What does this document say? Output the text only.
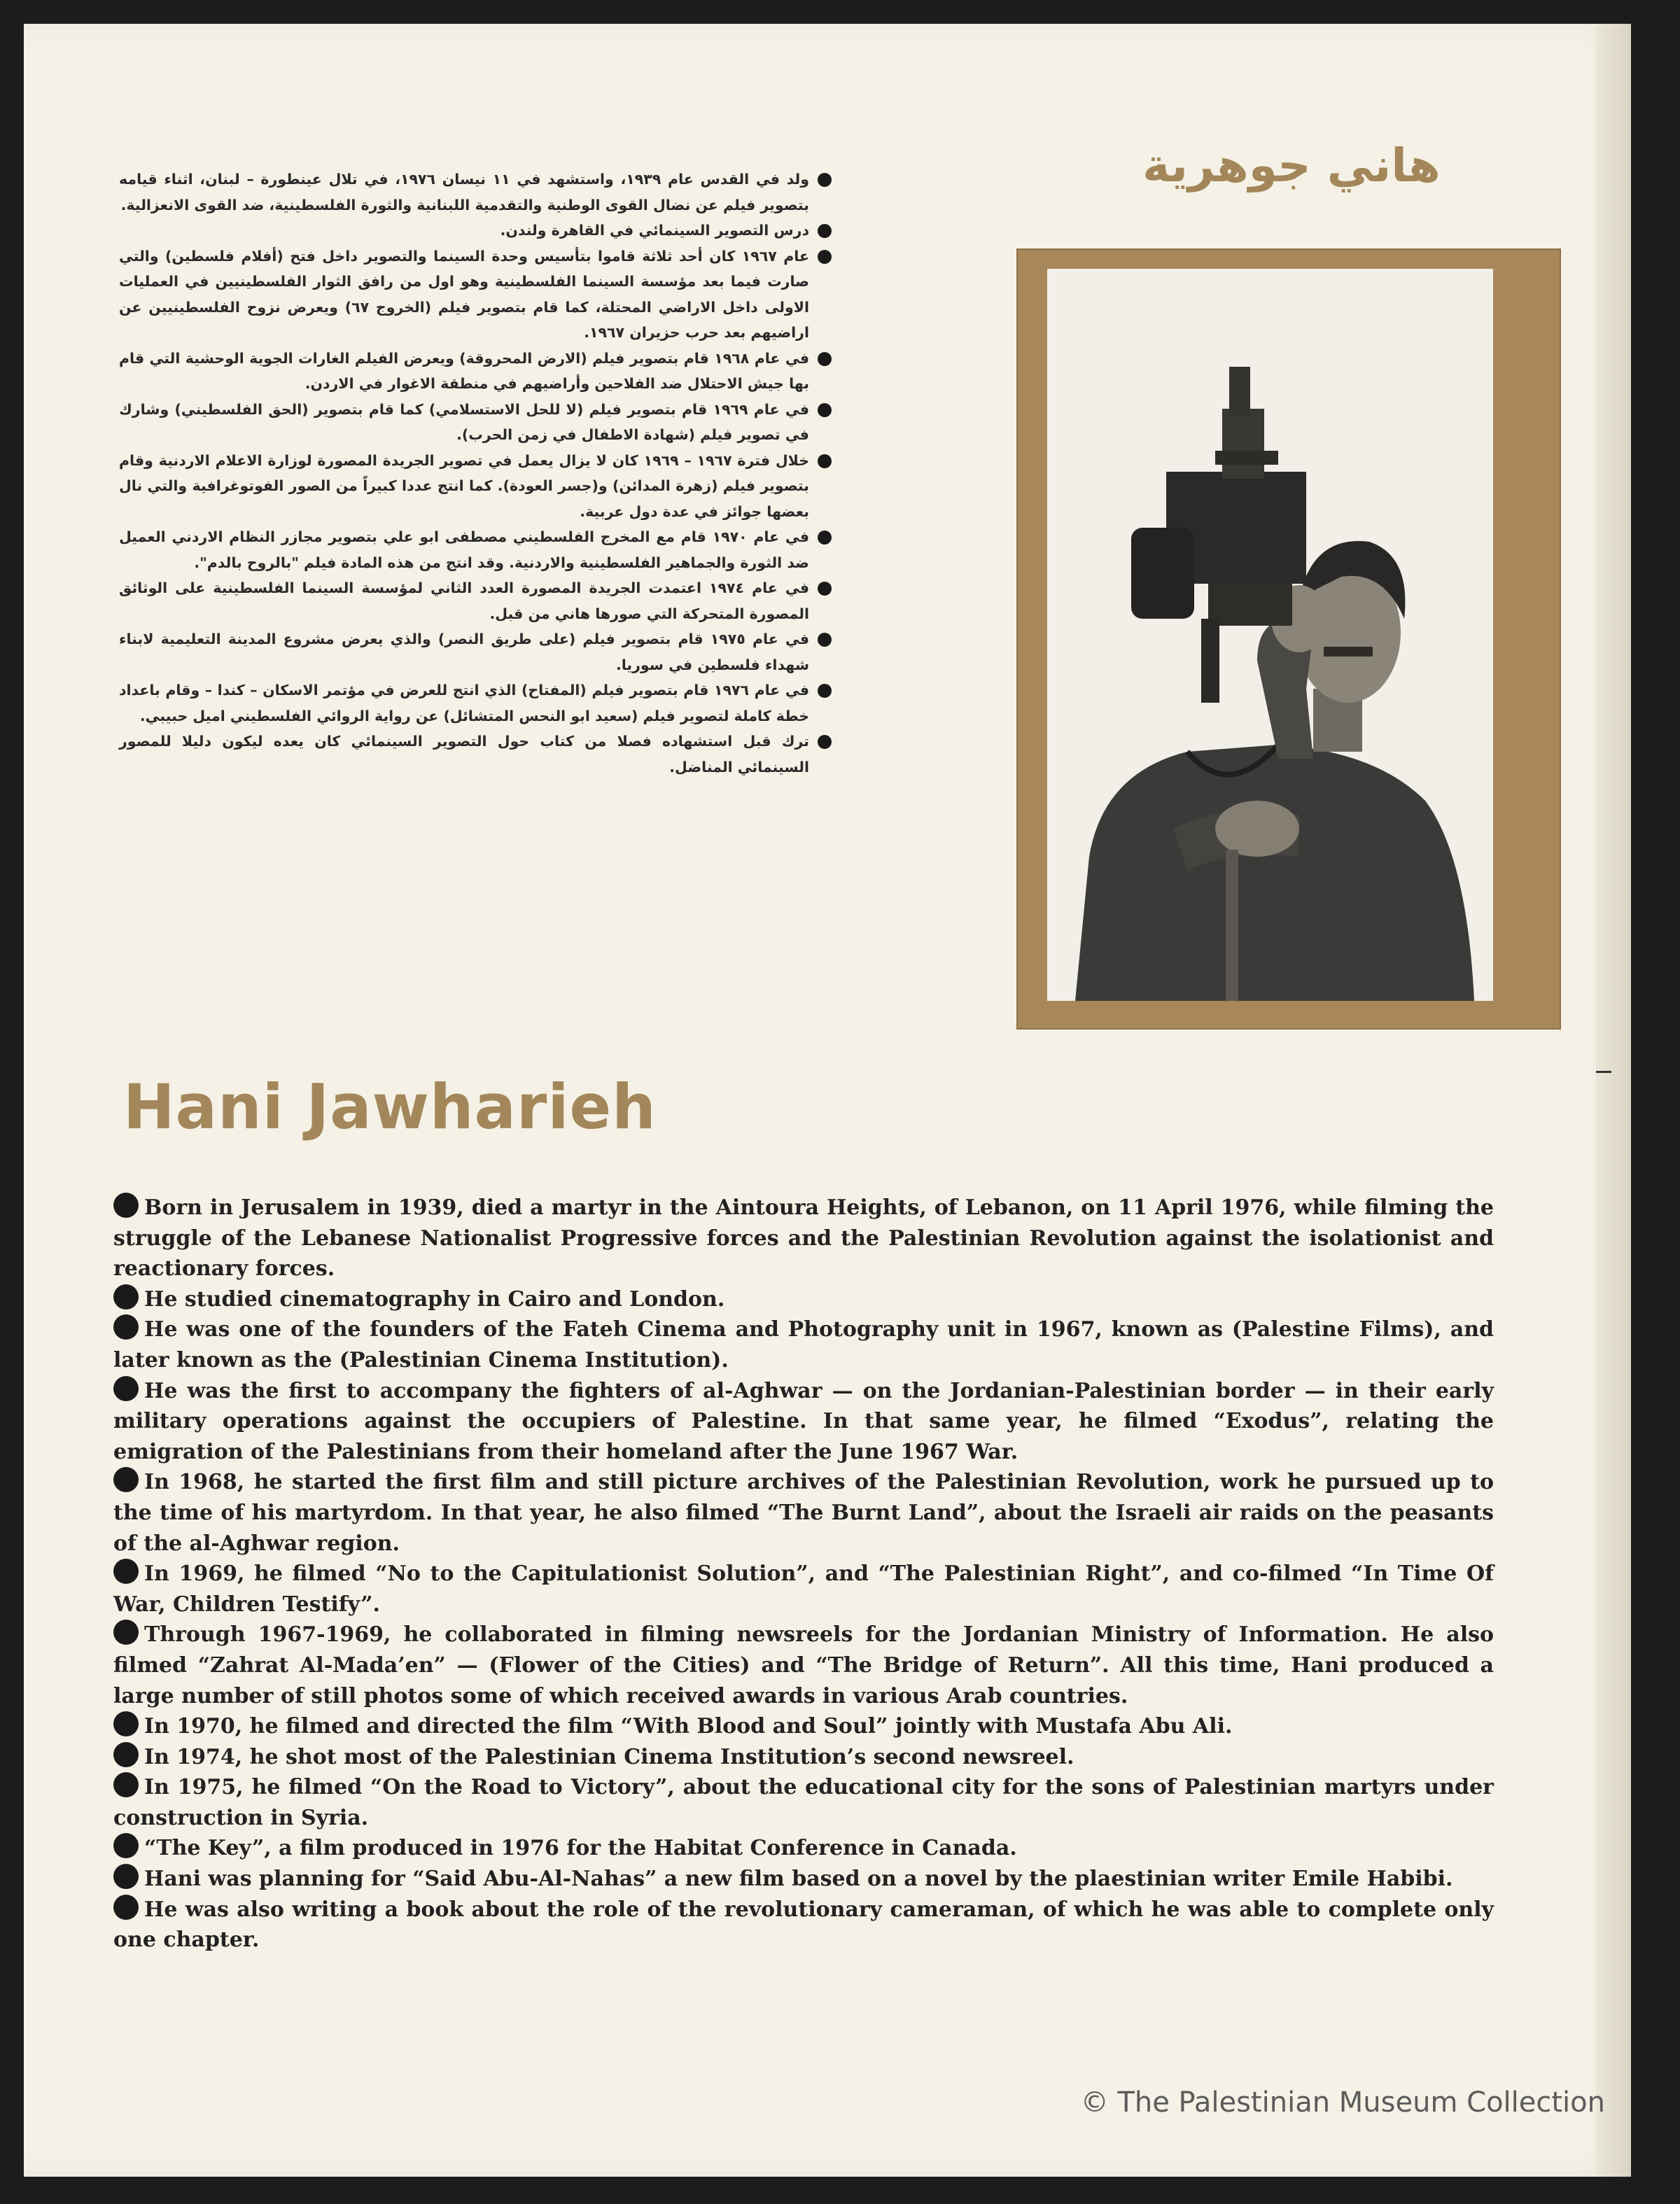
هاني جوهرية
ولد في القدس عام ١٩٣٩، واستشهد في ١١ نيسان ١٩٧٦، في تلال عينطورة – لبنان، اثناء قيامه بتصوير فيلم عن نضال القوى الوطنية والتقدمية اللبنانية والثورة الفلسطينية، ضد القوى الانعزالية.
درس التصوير السينمائي في القاهرة ولندن.
عام ١٩٦٧ كان أحد ثلاثة قاموا بتأسيس وحدة السينما والتصوير داخل فتح (أفلام فلسطين) والتي صارت فيما بعد مؤسسة السينما الفلسطينية وهو اول من رافق الثوار الفلسطينيين في العمليات الاولى داخل الاراضي المحتلة، كما قام بتصوير فيلم (الخروج ٦٧) ويعرض نزوح الفلسطينيين عن اراضيهم بعد حرب حزيران ١٩٦٧.
في عام ١٩٦٨ قام بتصوير فيلم (الارض المحروقة) ويعرض الفيلم الغارات الجوية الوحشية التي قام بها جيش الاحتلال ضد الفلاحين وأراضيهم في منطقة الاغوار في الاردن.
في عام ١٩٦٩ قام بتصوير فيلم (لا للحل الاستسلامي) كما قام بتصوير (الحق الفلسطيني) وشارك في تصوير فيلم (شهادة الاطفال في زمن الحرب).
خلال فترة ١٩٦٧ – ١٩٦٩ كان لا يزال يعمل في تصوير الجريدة المصورة لوزارة الاعلام الاردنية وقام بتصوير فيلم (زهرة المدائن) و(جسر العودة). كما انتج عددا كبيراً من الصور الفوتوغرافية والتي نال بعضها جوائز في عدة دول عربية.
في عام ١٩٧٠ قام مع المخرج الفلسطيني مصطفى ابو علي بتصوير مجازر النظام الاردني العميل ضد الثورة والجماهير الفلسطينية والاردنية. وقد انتج من هذه المادة فيلم "بالروح بالدم".
في عام ١٩٧٤ اعتمدت الجريدة المصورة العدد الثاني لمؤسسة السينما الفلسطينية على الوثائق المصورة المتحركة التي صورها هاني من قبل.
في عام ١٩٧٥ قام بتصوير فيلم (على طريق النصر) والذي يعرض مشروع المدينة التعليمية لابناء شهداء فلسطين في سوريا.
في عام ١٩٧٦ قام بتصوير فيلم (المفتاح) الذي انتج للعرض في مؤتمر الاسكان – كندا – وقام باعداد خطة كاملة لتصوير فيلم (سعيد ابو النحس المتشائل) عن رواية الروائي الفلسطيني اميل حبيبي.
ترك قبل استشهاده فصلا من كتاب حول التصوير السينمائي كان يعده ليكون دليلا للمصور السينمائي المناضل.
Hani Jawharieh
Born in Jerusalem in 1939, died a martyr in the Aintoura Heights, of Lebanon, on 11 April 1976, while filming the struggle of the Lebanese Nationalist Progressive forces and the Palestinian Revolution against the isolationist and reactionary forces.
He studied cinematography in Cairo and London.
He was one of the founders of the Fateh Cinema and Photography unit in 1967, known as (Palestine Films), and later known as the (Palestinian Cinema Institution).
He was the first to accompany the fighters of al-Aghwar — on the Jordanian-Palestinian border — in their early military operations against the occupiers of Palestine. In that same year, he filmed “Exodus”, relating the emigration of the Palestinians from their homeland after the June 1967 War.
In 1968, he started the first film and still picture archives of the Palestinian Revolution, work he pursued up to the time of his martyrdom. In that year, he also filmed “The Burnt Land”, about the Israeli air raids on the peasants of the al-Aghwar region.
In 1969, he filmed “No to the Capitulationist Solution”, and “The Palestinian Right”, and co-filmed “In Time Of War, Children Testify”.
Through 1967-1969, he collaborated in filming newsreels for the Jordanian Ministry of Information. He also filmed “Zahrat Al-Mada’en” — (Flower of the Cities) and “The Bridge of Return”. All this time, Hani produced a large number of still photos some of which received awards in various Arab countries.
In 1970, he filmed and directed the film “With Blood and Soul” jointly with Mustafa Abu Ali.
In 1974, he shot most of the Palestinian Cinema Institution’s second newsreel.
In 1975, he filmed “On the Road to Victory”, about the educational city for the sons of Palestinian martyrs under construction in Syria.
“The Key”, a film produced in 1976 for the Habitat Conference in Canada.
Hani was planning for “Said Abu-Al-Nahas” a new film based on a novel by the plaestinian writer Emile Habibi.
He was also writing a book about the role of the revolutionary cameraman, of which he was able to complete only one chapter.
© The Palestinian Museum Collection
